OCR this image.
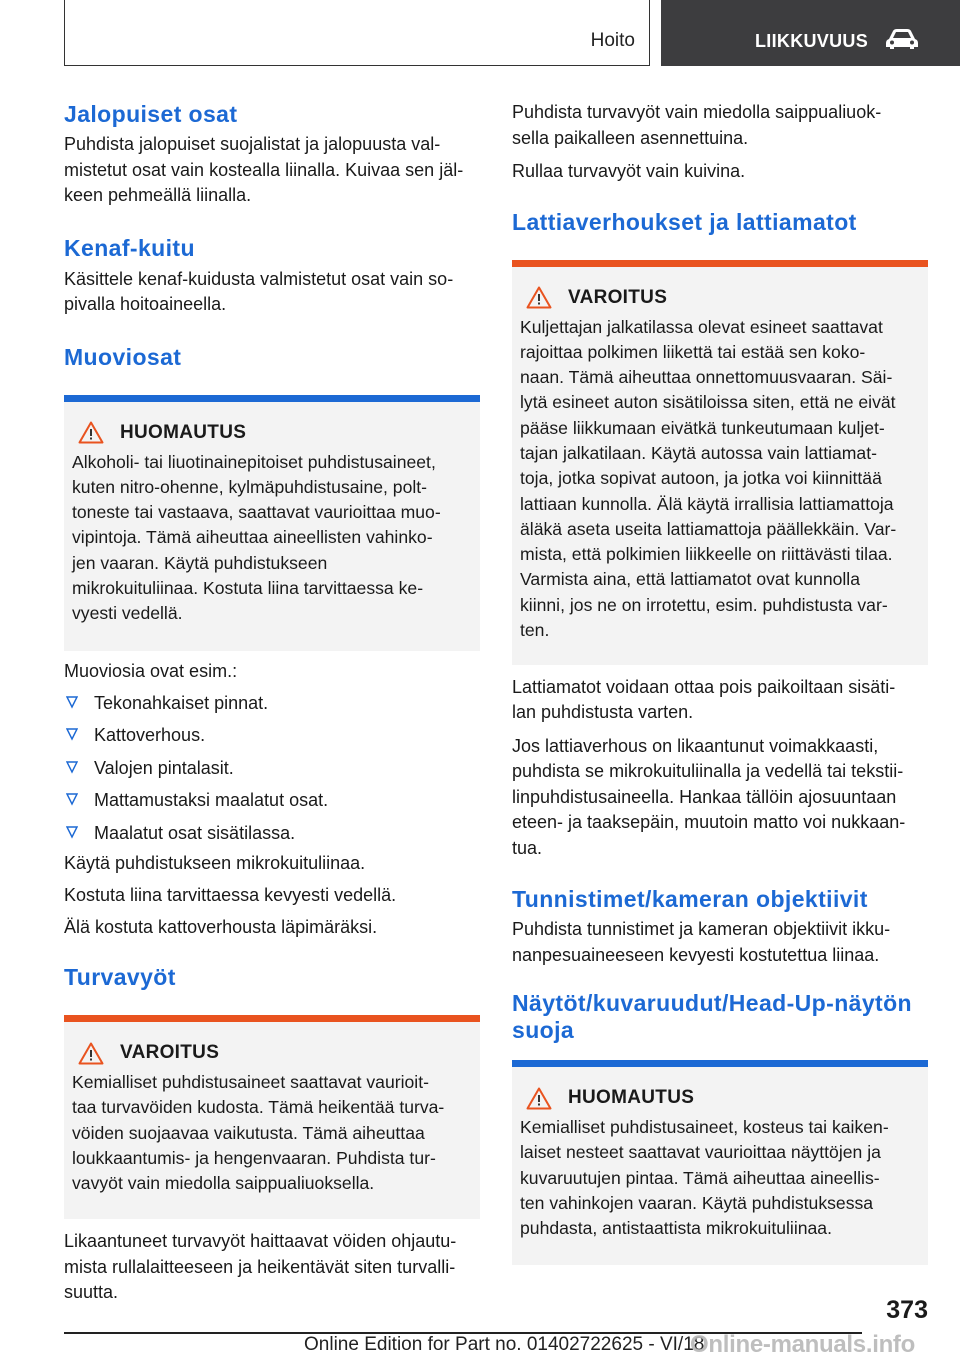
Hoito	LIIKKUVUUS
Jalopuiset osat

Puhdista jalopuiset suojalistat ja jalopuusta val-
mistetut osat vain kostealla liinalla. Kuivaa sen jäl-
keen pehmeällä liinalla.

Kenaf-kuitu

Käsittele kenaf-kuidusta valmistetut osat vain so-
pivalla hoitoaineella.

Muoviosat
HUOMAUTUS
Alkoholi- tai liuotinainepitoiset puhdistusaineet,
kuten nitro-ohenne, kylmäpuhdistusaine, polt-
toneste tai vastaava, saattavat vaurioittaa muo-
vipintoja. Tämä aiheuttaa aineellisten vahinko-
jen vaaran. Käytä puhdistukseen
mikrokuituliinaa. Kostuta liina tarvittaessa ke-
vyesti vedellä.

Muoviosia ovat esim.:

Tekonahkaiset pinnat.
Kattoverhous.
Valojen pintalasit.
Mattamustaksi maalatut osat.
Maalatut osat sisätilassa.

Käytä puhdistukseen mikrokuituliinaa.
Kostuta liina tarvittaessa kevyesti vedellä.
Älä kostuta kattoverhousta läpimäräksi.

Turvavyöt
VAROITUS
Kemialliset puhdistusaineet saattavat vaurioit-
taa turvavöiden kudosta. Tämä heikentää turva-
vöiden suojaavaa vaikutusta. Tämä aiheuttaa
loukkaantumis- ja hengenvaaran. Puhdista tur-
vavyöt vain miedolla saippualiuoksella.

Likaantuneet turvavyöt haittaavat vöiden ohjautu-
mista rullalaitteeseen ja heikentävät siten turvalli-
suutta.

Puhdista turvavyöt vain miedolla saippualiuok-
sella paikalleen asennettuina.

Rullaa turvavyöt vain kuivina.

Lattiaverhoukset ja lattiamatot
VAROITUS
Kuljettajan jalkatilassa olevat esineet saattavat
rajoittaa polkimen liikettä tai estää sen koko-
naan. Tämä aiheuttaa onnettomuusvaaran. Säi-
lytä esineet auton sisätiloissa siten, että ne eivät
pääse liikkumaan eivätkä tunkeutumaan kuljet-
tajan jalkatilaan. Käytä autossa vain lattiamat-
toja, jotka sopivat autoon, ja jotka voi kiinnittää
lattiaan kunnolla. Älä käytä irrallisia lattiamattoja
äläkä aseta useita lattiamattoja päällekkäin. Var-
mista, että polkimien liikkeelle on riittävästi tilaa.
Varmista aina, että lattiamatot ovat kunnolla
kiinni, jos ne on irrotettu, esim. puhdistusta var-
ten.

Lattiamatot voidaan ottaa pois paikoiltaan sisäti-
lan puhdistusta varten.

Jos lattiaverhous on likaantunut voimakkaasti,
puhdista se mikrokuituliinalla ja vedellä tai tekstii-
linpuhdistusaineella. Hankaa tällöin ajosuuntaan
eteen- ja taaksepäin, muutoin matto voi nukkaan-
tua.

Tunnistimet/kameran objektiivit

Puhdista tunnistimet ja kameran objektiivit ikku-
nanpesuaineeseen kevyesti kostutettua liinaa.

Näytöt/kuvaruudut/Head-Up-näytön
suoja
HUOMAUTUS
Kemialliset puhdistusaineet, kosteus tai kaiken-
laiset nesteet saattavat vaurioittaa näyttöjen ja
kuvaruutujen pintaa. Tämä aiheuttaa aineellis-
ten vahinkojen vaaran. Käytä puhdistuksessa
puhdasta, antistaattista mikrokuituliinaa.
373
Online Edition for Part no. 01402722625 - VI/18
Online-manuals.info
